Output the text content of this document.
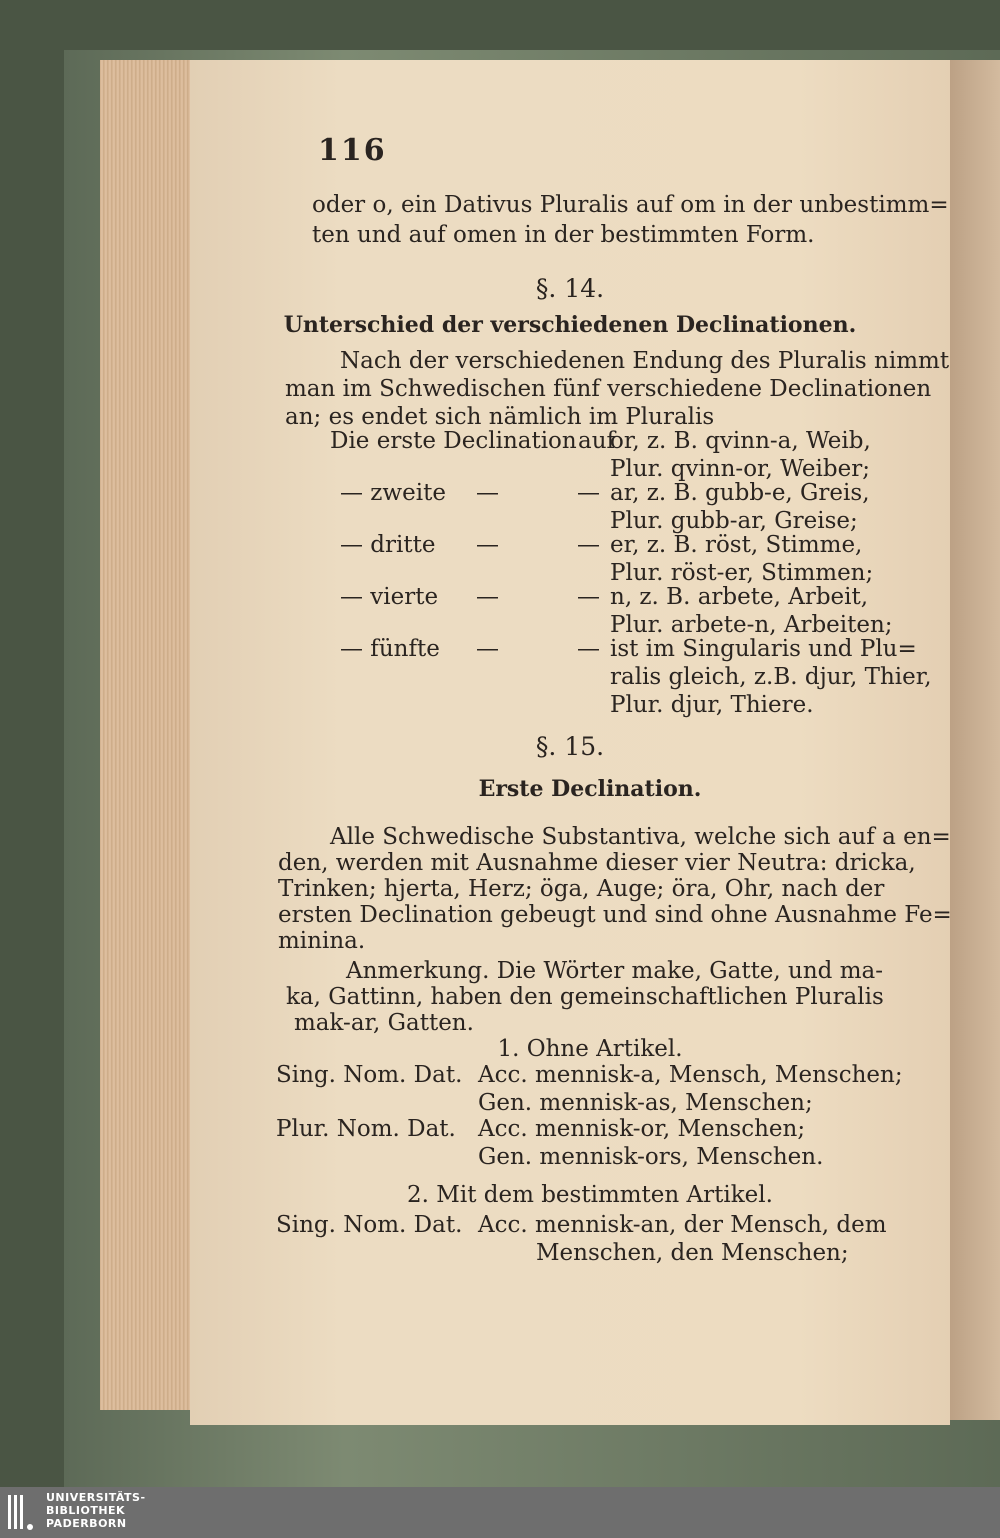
116
oder o, ein Dativus Pluralis auf om in der unbestimm=
ten und auf omen in der bestimmten Form.
§. 14.
Unterschied der verschiedenen Declinationen.
Nach der verschiedenen Endung des Pluralis nimmt
man im Schwedischen fünf verschiedene Declinationen
an; es endet sich nämlich im Pluralis
Die erste Declination auf
or, z. B. qvinn-a, Weib,
Plur. qvinn-or, Weiber;
— zweite — — ar, z. B. gubb-e, Greis,
Plur. gubb-ar, Greise;
— dritte — — er, z. B. röst, Stimme,
Plur. röst-er, Stimmen;
— vierte — — n, z. B. arbete, Arbeit,
Plur. arbete-n, Arbeiten;
— fünfte — — ist im Singularis und Plu=
ralis gleich, z.B. djur, Thier,
Plur. djur, Thiere.
§. 15.
Erste Declination.
Alle Schwedische Substantiva, welche sich auf a en=
den, werden mit Ausnahme dieser vier Neutra: dricka,
Trinken; hjerta, Herz; öga, Auge; öra, Ohr, nach der
ersten Declination gebeugt und sind ohne Ausnahme Fe=
minina.
Anmerkung. Die Wörter make, Gatte, und ma-
ka, Gattinn, haben den gemeinschaftlichen Pluralis
mak-ar, Gatten.
1. Ohne Artikel.
Sing. Nom. Dat. Acc. mennisk-a, Mensch, Menschen;
Gen. mennisk-as, Menschen;
Plur. Nom. Dat. Acc. mennisk-or, Menschen;
Gen. mennisk-ors, Menschen.
2. Mit dem bestimmten Artikel.
Sing. Nom. Dat. Acc. mennisk-an, der Mensch, dem
Menschen, den Menschen;
UNIVERSITÄTS-
BIBLIOTHEK
PADERBORN
